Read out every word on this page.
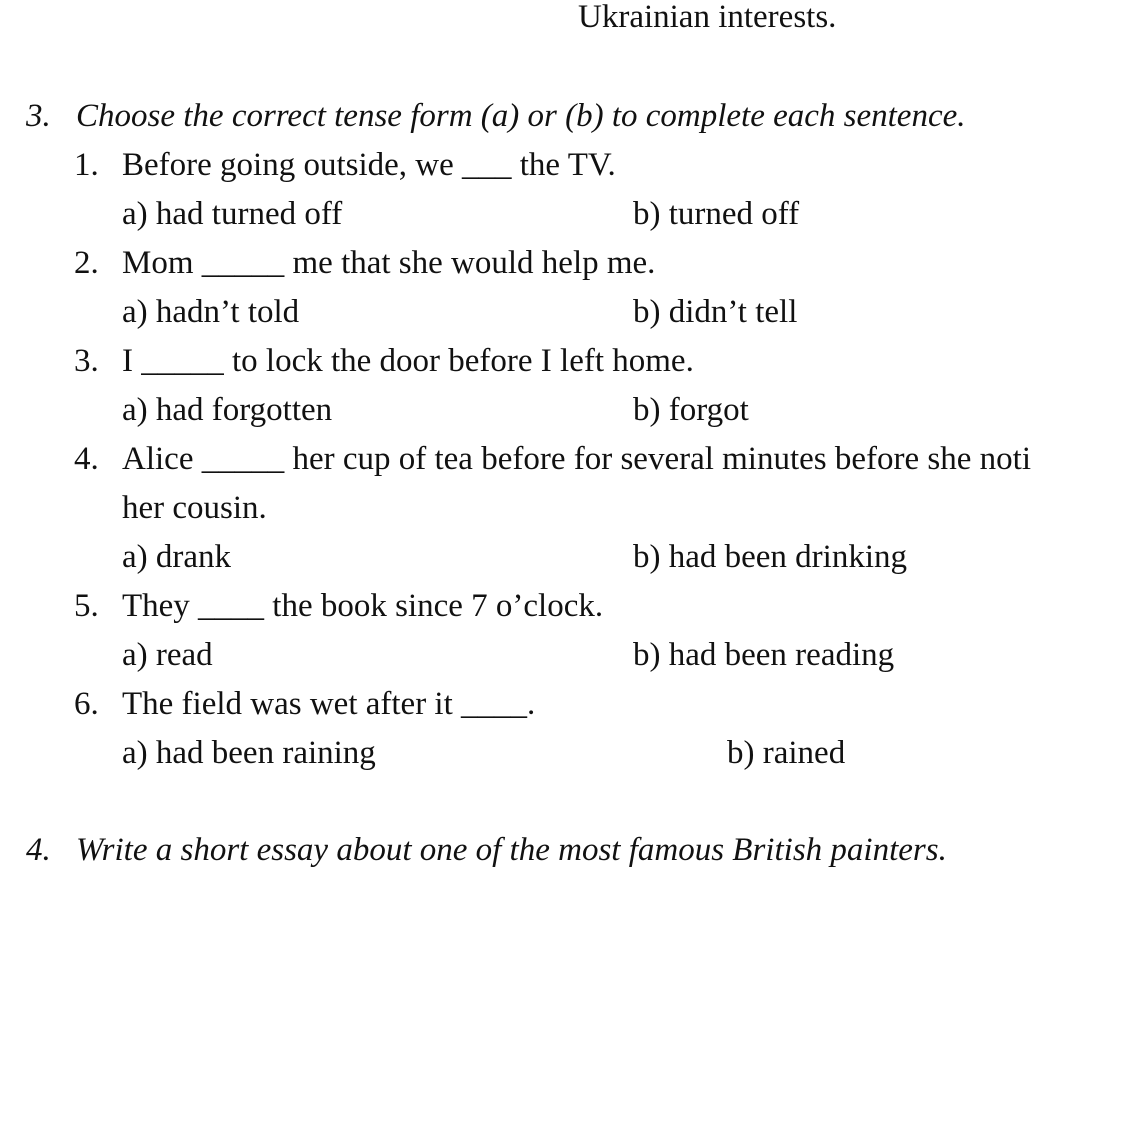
Ukrainian interests.
3. Choose the correct tense form (a) or (b) to complete each sentence.
1. Before going outside, we ___ the TV.
a) had turned off	b) turned off
2. Mom _____ me that she would help me.
a) hadn’t told	b) didn’t tell
3. I _____ to lock the door before I left home.
a) had forgotten	b) forgot
4. Alice _____ her cup of tea before for several minutes before she noti
her cousin.
a) drank	b) had been drinking
5. They ____ the book since 7 o’clock.
a) read	b) had been reading
6. The field was wet after it ____.
a) had been raining	b) rained
4. Write a short essay about one of the most famous British painters.
